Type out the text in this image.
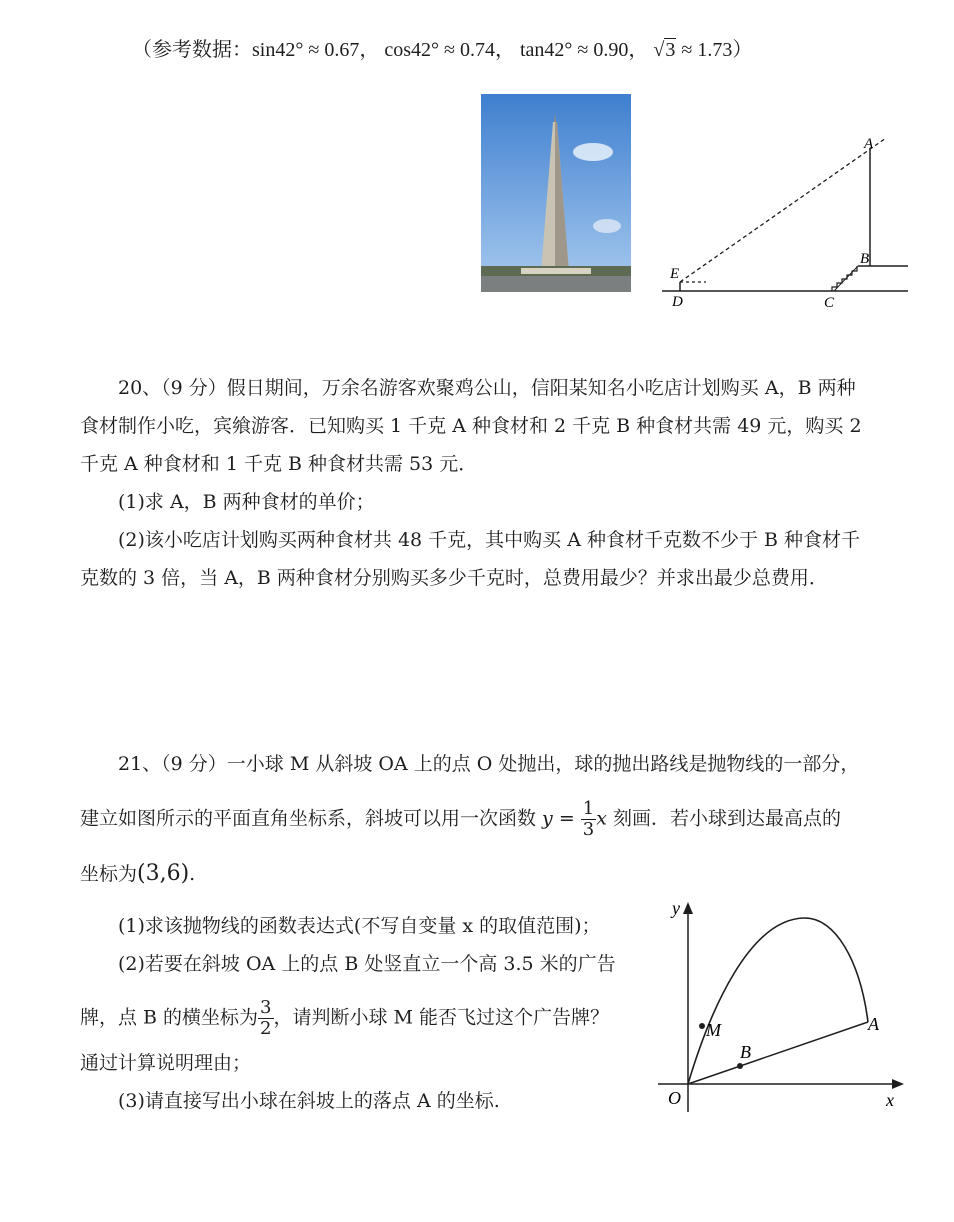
（参考数据：sin42° ≈ 0.67， cos42° ≈ 0.74， tan42° ≈ 0.90， √3 ≈ 1.73）
A
B
C
D
E
20、（9 分）假日期间，万余名游客欢聚鸡公山，信阳某知名小吃店计划购买 A，B 两种
食材制作小吃，宾飨游客．已知购买 1 千克 A 种食材和 2 千克 B 种食材共需 49 元，购买 2
千克 A 种食材和 1 千克 B 种食材共需 53 元．
(1)求 A，B 两种食材的单价；
(2)该小吃店计划购买两种食材共 48 千克，其中购买 A 种食材千克数不少于 B 种食材千
克数的 3 倍，当 A，B 两种食材分别购买多少千克时，总费用最少？并求出最少总费用．
21、（9 分）一小球 M 从斜坡 OA 上的点 O 处抛出，球的抛出路线是抛物线的一部分，
建立如图所示的平面直角坐标系，斜坡可以用一次函数 $y = \frac{1}{3}$ x 刻画．若小球到达最高点的
坐标为(3,6).
(1)求该抛物线的函数表达式(不写自变量 x 的取值范围)；
(2)若要在斜坡 OA 上的点 B 处竖直立一个高 3.5 米的广告
牌，点 B 的横坐标为 $\frac{3}{2}$ ，请判断小球 M 能否飞过这个广告牌？
通过计算说明理由；
(3)请直接写出小球在斜坡上的落点 A 的坐标.
y
x
O
M
B
A
